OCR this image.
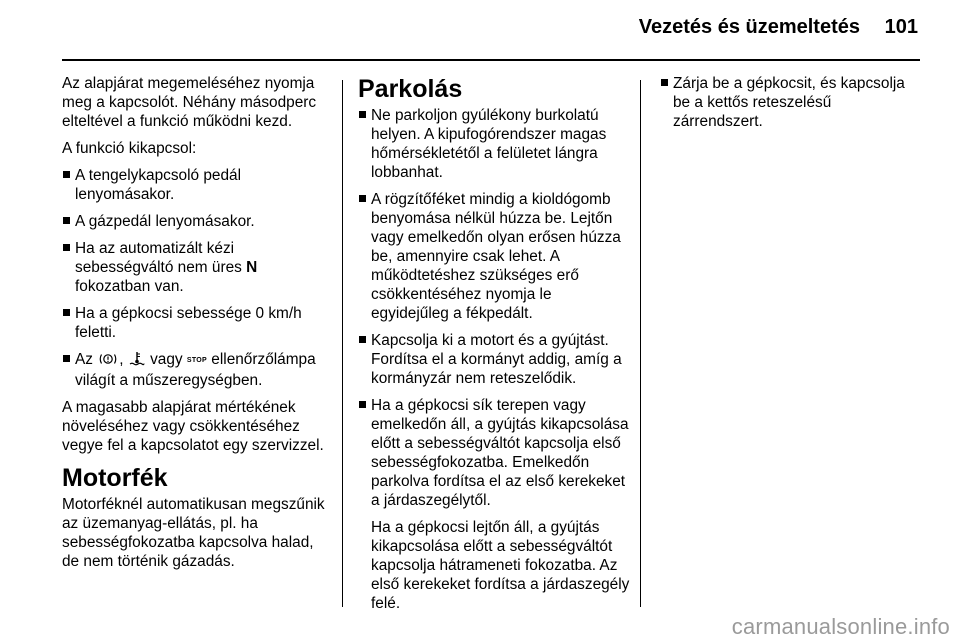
Vezetés és üzemeltetés 101

Az alapjárat megemeléséhez nyomja meg a kapcsolót. Néhány másodperc elteltével a funkció működni kezd.

A funkció kikapcsol:

A tengelykapcsoló pedál lenyomásakor.
A gázpedál lenyomásakor.
Ha az automatizált kézi sebességváltó nem üres N fokozatban van.
Ha a gépkocsi sebessége 0 km/h feletti.
Az ,  vagy STOP ellenőrzőlámpa világít a műszeregységben.

A magasabb alapjárat mértékének növeléséhez vagy csökkentéséhez vegye fel a kapcsolatot egy szervizzel.

Motorfék

Motorféknél automatikusan megszűnik az üzemanyag-ellátás, pl. ha sebességfokozatba kapcsolva halad, de nem történik gázadás.

Parkolás
Ne parkoljon gyúlékony burkolatú helyen. A kipufogórendszer magas hőmérsékletétől a felületet lángra lobbanhat.
A rögzítőféket mindig a kioldógomb benyomása nélkül húzza be. Lejtőn vagy emelkedőn olyan erősen húzza be, amennyire csak lehet. A működtetéshez szükséges erő csökkentéséhez nyomja le egyidejűleg a fékpedált.
Kapcsolja ki a motort és a gyújtást. Fordítsa el a kormányt addig, amíg a kormányzár nem reteszelődik.
Ha a gépkocsi sík terepen vagy emelkedőn áll, a gyújtás kikapcsolása előtt a sebességváltót kapcsolja első sebességfokozatba. Emelkedőn parkolva fordítsa el az első kerekeket a járdaszegélytől.
Ha a gépkocsi lejtőn áll, a gyújtás kikapcsolása előtt a sebességváltót kapcsolja hátrameneti fokozatba. Az első kerekeket fordítsa a járdaszegély felé.
Zárja be a gépkocsit, és kapcsolja be a kettős reteszelésű zárrendszert.
carmanualsonline.info
